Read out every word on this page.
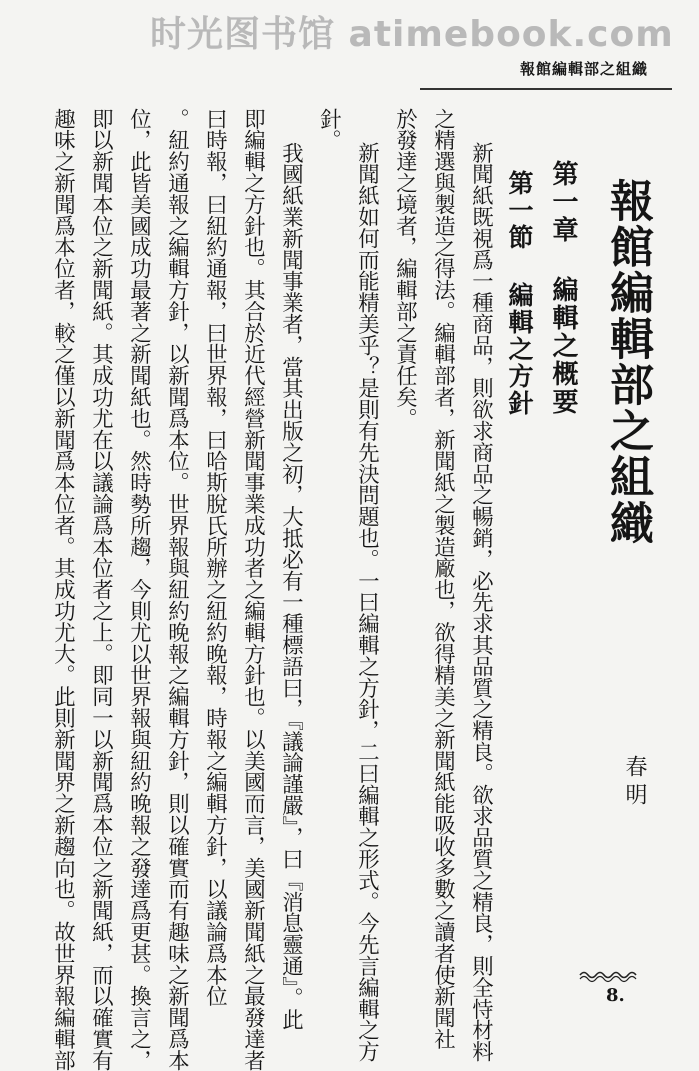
时光图书馆 atimebook.com
報館編輯部之組織
報館編輯部之組織
春明
第一章 編輯之概要
第一節 編輯之方針
新聞紙既視爲一種商品，則欲求商品之暢銷，必先求其品質之精良。欲求品質之精良，則全恃材料
之精選與製造之得法。編輯部者，新聞紙之製造廠也，欲得精美之新聞紙能吸收多數之讀者使新聞社
於發達之境者，編輯部之責任矣。
新聞紙如何而能精美乎？是則有先決問題也。一曰編輯之方針，二曰編輯之形式。今先言編輯之方
針。
我國紙業新聞事業者，當其出版之初，大抵必有一種標語曰，『議論謹嚴』，曰『消息靈通』。此
即編輯之方針也。其合於近代經營新聞事業成功者之編輯方針也。以美國而言，美國新聞紙之最發達者
曰時報，曰紐約通報，曰世界報，曰哈斯脫氏所辦之紐約晚報，時報之編輯方針，以議論爲本位
。紐約通報之編輯方針，以新聞爲本位。世界報與紐約晚報之編輯方針，則以確實而有趣味之新聞爲本
位，此皆美國成功最著之新聞紙也。然時勢所趨，今則尤以世界報與紐約晚報之發達爲更甚。換言之，
即以新聞本位之新聞紙。其成功尤在以議論爲本位者之上。即同一以新聞爲本位之新聞紙，而以確實有
趣味之新聞爲本位者，較之僅以新聞爲本位者。其成功尤大。此則新聞界之新趨向也。故世界報編輯部	8.
